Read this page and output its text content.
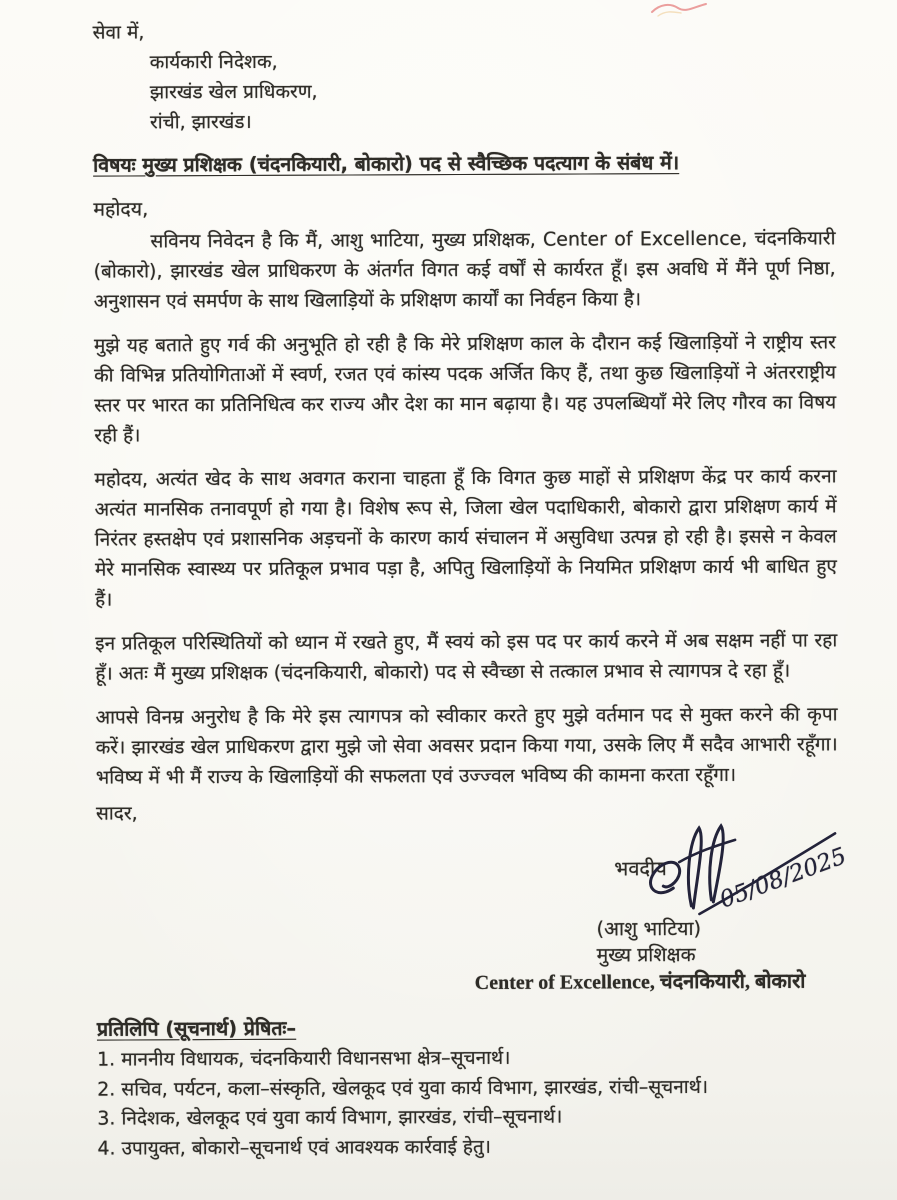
सेवा में,
कार्यकारी निदेशक,
झारखंड खेल प्राधिकरण,
रांची, झारखंड।
विषयः मुख्य प्रशिक्षक (चंदनकियारी, बोकारो) पद से स्वैच्छिक पदत्याग के संबंध में।
महोदय,

सविनय निवेदन है कि मैं, आशु भाटिया, मुख्य प्रशिक्षक, Center of Excellence, चंदनकियारी (बोकारो), झारखंड खेल प्राधिकरण के अंतर्गत विगत कई वर्षों से कार्यरत हूँ। इस अवधि में मैंने पूर्ण निष्ठा, अनुशासन एवं समर्पण के साथ खिलाड़ियों के प्रशिक्षण कार्यों का निर्वहन किया है।

मुझे यह बताते हुए गर्व की अनुभूति हो रही है कि मेरे प्रशिक्षण काल के दौरान कई खिलाड़ियों ने राष्ट्रीय स्तर की विभिन्न प्रतियोगिताओं में स्वर्ण, रजत एवं कांस्य पदक अर्जित किए हैं, तथा कुछ खिलाड़ियों ने अंतरराष्ट्रीय स्तर पर भारत का प्रतिनिधित्व कर राज्य और देश का मान बढ़ाया है। यह उपलब्धियाँ मेरे लिए गौरव का विषय रही हैं।

महोदय, अत्यंत खेद के साथ अवगत कराना चाहता हूँ कि विगत कुछ माहों से प्रशिक्षण केंद्र पर कार्य करना अत्यंत मानसिक तनावपूर्ण हो गया है। विशेष रूप से, जिला खेल पदाधिकारी, बोकारो द्वारा प्रशिक्षण कार्य में निरंतर हस्तक्षेप एवं प्रशासनिक अड़चनों के कारण कार्य संचालन में असुविधा उत्पन्न हो रही है। इससे न केवल मेरे मानसिक स्वास्थ्य पर प्रतिकूल प्रभाव पड़ा है, अपितु खिलाड़ियों के नियमित प्रशिक्षण कार्य भी बाधित हुए हैं।

इन प्रतिकूल परिस्थितियों को ध्यान में रखते हुए, मैं स्वयं को इस पद पर कार्य करने में अब सक्षम नहीं पा रहा हूँ। अतः मैं मुख्य प्रशिक्षक (चंदनकियारी, बोकारो) पद से स्वैच्छा से तत्काल प्रभाव से त्यागपत्र दे रहा हूँ।

आपसे विनम्र अनुरोध है कि मेरे इस त्यागपत्र को स्वीकार करते हुए मुझे वर्तमान पद से मुक्त करने की कृपा करें। झारखंड खेल प्राधिकरण द्वारा मुझे जो सेवा अवसर प्रदान किया गया, उसके लिए मैं सदैव आभारी रहूँगा। भविष्य में भी मैं राज्य के खिलाड़ियों की सफलता एवं उज्ज्वल भविष्य की कामना करता रहूँगा।

सादर,
भवदीय 05/08/2025
(आशु भाटिया)
मुख्य प्रशिक्षक
Center of Excellence, चंदनकियारी, बोकारो
प्रतिलिपि (सूचनार्थ) प्रेषितः–
1. माननीय विधायक, चंदनकियारी विधानसभा क्षेत्र–सूचनार्थ।
2. सचिव, पर्यटन, कला–संस्कृति, खेलकूद एवं युवा कार्य विभाग, झारखंड, रांची–सूचनार्थ।
3. निदेशक, खेलकूद एवं युवा कार्य विभाग, झारखंड, रांची–सूचनार्थ।
4. उपायुक्त, बोकारो–सूचनार्थ एवं आवश्यक कार्रवाई हेतु।
